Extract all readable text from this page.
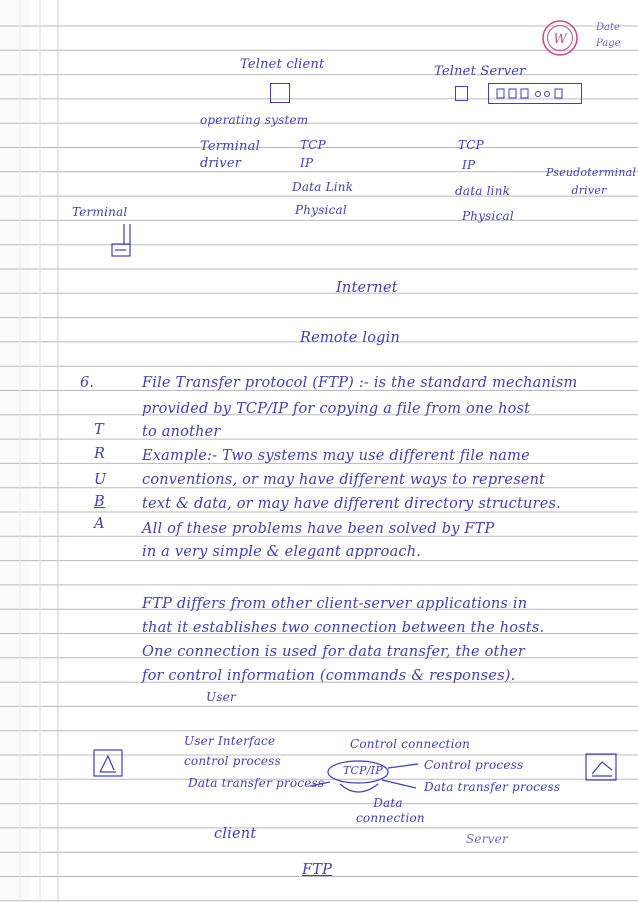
W
Date
Page
Telnet client	Telnet Server
operating system
Terminal driver
TCP
IP
Data Link
Physical
TCP
IP
data link
Physical
Pseudoterminal driver
Terminal
Internet
Remote login
6.
T
R
U
B
A
File Transfer protocol (FTP) :- is the standard mechanism
provided by TCP/IP for copying a file from one host
to another
Example:- Two systems may use different file name
conventions, or may have different ways to represent
text & data, or may have different directory structures.
All of these problems have been solved by FTP
in a very simple & elegant approach.
FTP differs from other client-server applications in
that it establishes two connection between the hosts.
One connection is used for data transfer, the other
for control information (commands & responses).
User
User Interface
control process
Data transfer process
Control connection
TCP/IP	Control process
Data transfer process
Data connection
client	Server
FTP
